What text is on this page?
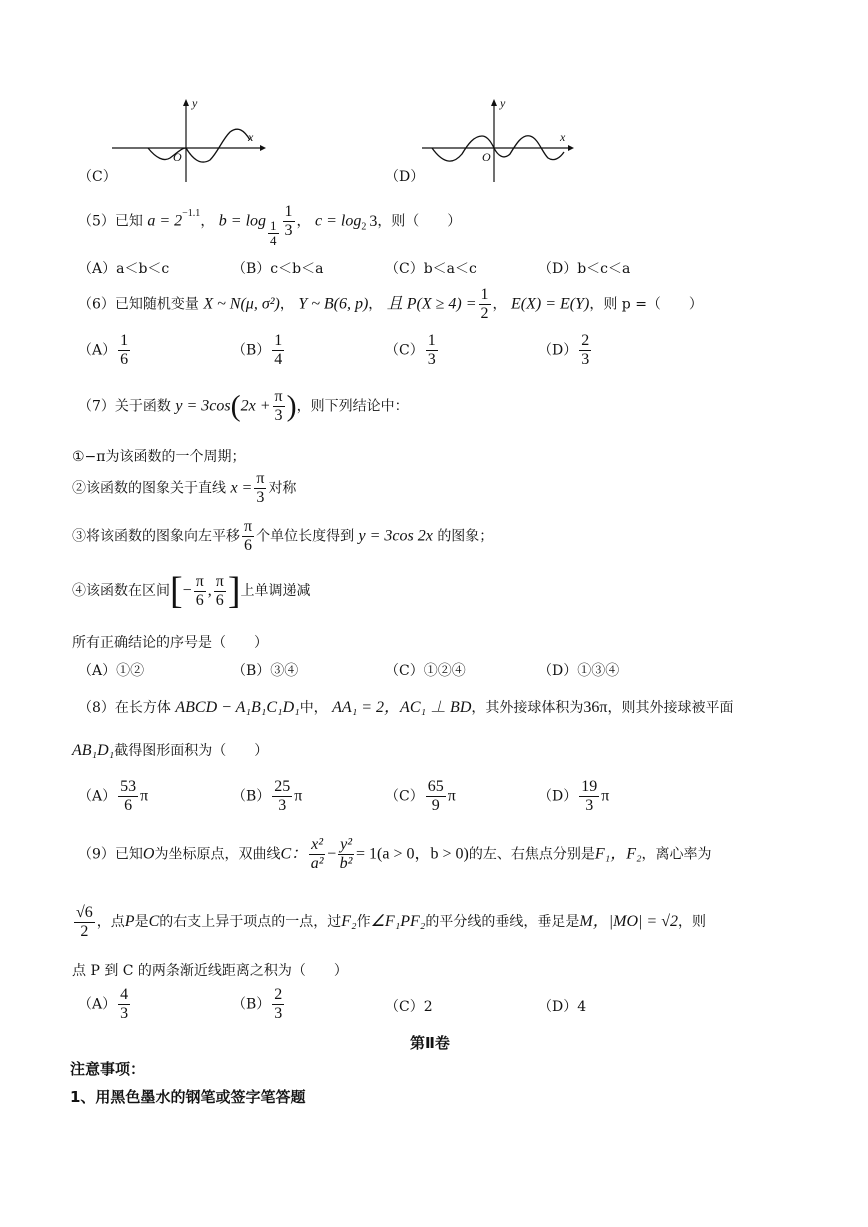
y
x
O
（C）
y
x
O
（D）
（5）已知 $a = 2^{-1.1}$， $b = \log \frac{1}{4} \frac{1}{3}$ ， $c = \log_2 3$，则（　　）
（A）a＜b＜c	（B）c＜b＜a	（C）b＜a＜c	（D）b＜c＜a
（6）已知随机变量 X ~ N(μ, σ²)， Y ~ B(6, p)， 且 $P(X \ge 4) = \frac{1}{2}$ ， E(X) = E(Y)，则 p =（　　）
$(A) \frac{1}{6}$	$(B) \frac{1}{4}$	$(C) \frac{1}{3}$	$(D) \frac{2}{3}$
（7）关于函数 $y = 3\cos(2x + \frac{\pi}{3}$ )，则下列结论中：
①−π为该函数的一个周期；
②该函数的图象关于直线 $x = \frac{\pi}{3}$ 对称
③将该函数的图象向左平移 $\frac{\pi}{6}$ 个单位长度得到 y = 3cos 2x 的图象；
④该函数在区间[− $\frac{\pi}{6}$ , $\frac{\pi}{6}$ ]上单调递减
所有正确结论的序号是（　　）
（A）①②	（B）③④	（C）①②④	（D）①③④
（8）在长方体 ABCD − A₁B₁C₁D₁中， AA₁ = 2，AC₁ ⊥ BD，其外接球体积为36π，则其外接球被平面
AB₁D₁截得图形面积为（　　）
$(A) \frac{53}{6}$ π	$(B) \frac{25}{3}$ π	$(C) \frac{65}{9}$ π	$(D) \frac{19}{3}$ π
（9）已知O为坐标原点，双曲线C： $\frac{\text{x²}}{\text{a²}} - \frac{\text{y²}}{\text{b²}} = 1(a > 0$，b > 0)的左、右焦点分别是F₁，F₂，离心率为
$\frac{√6}{2}$ ，点P是C的右支上异于项点的一点，过F₂作∠F₁PF₂的平分线的垂线，垂足是M，|MO| = √2，则
点 P 到 C 的两条渐近线距离之积为（　　）
$(A) \frac{4}{3}$	$(B) \frac{2}{3}$	（C）2	（D）4
第Ⅱ卷
注意事项：
1、用黑色墨水的钢笔或签字笔答题
